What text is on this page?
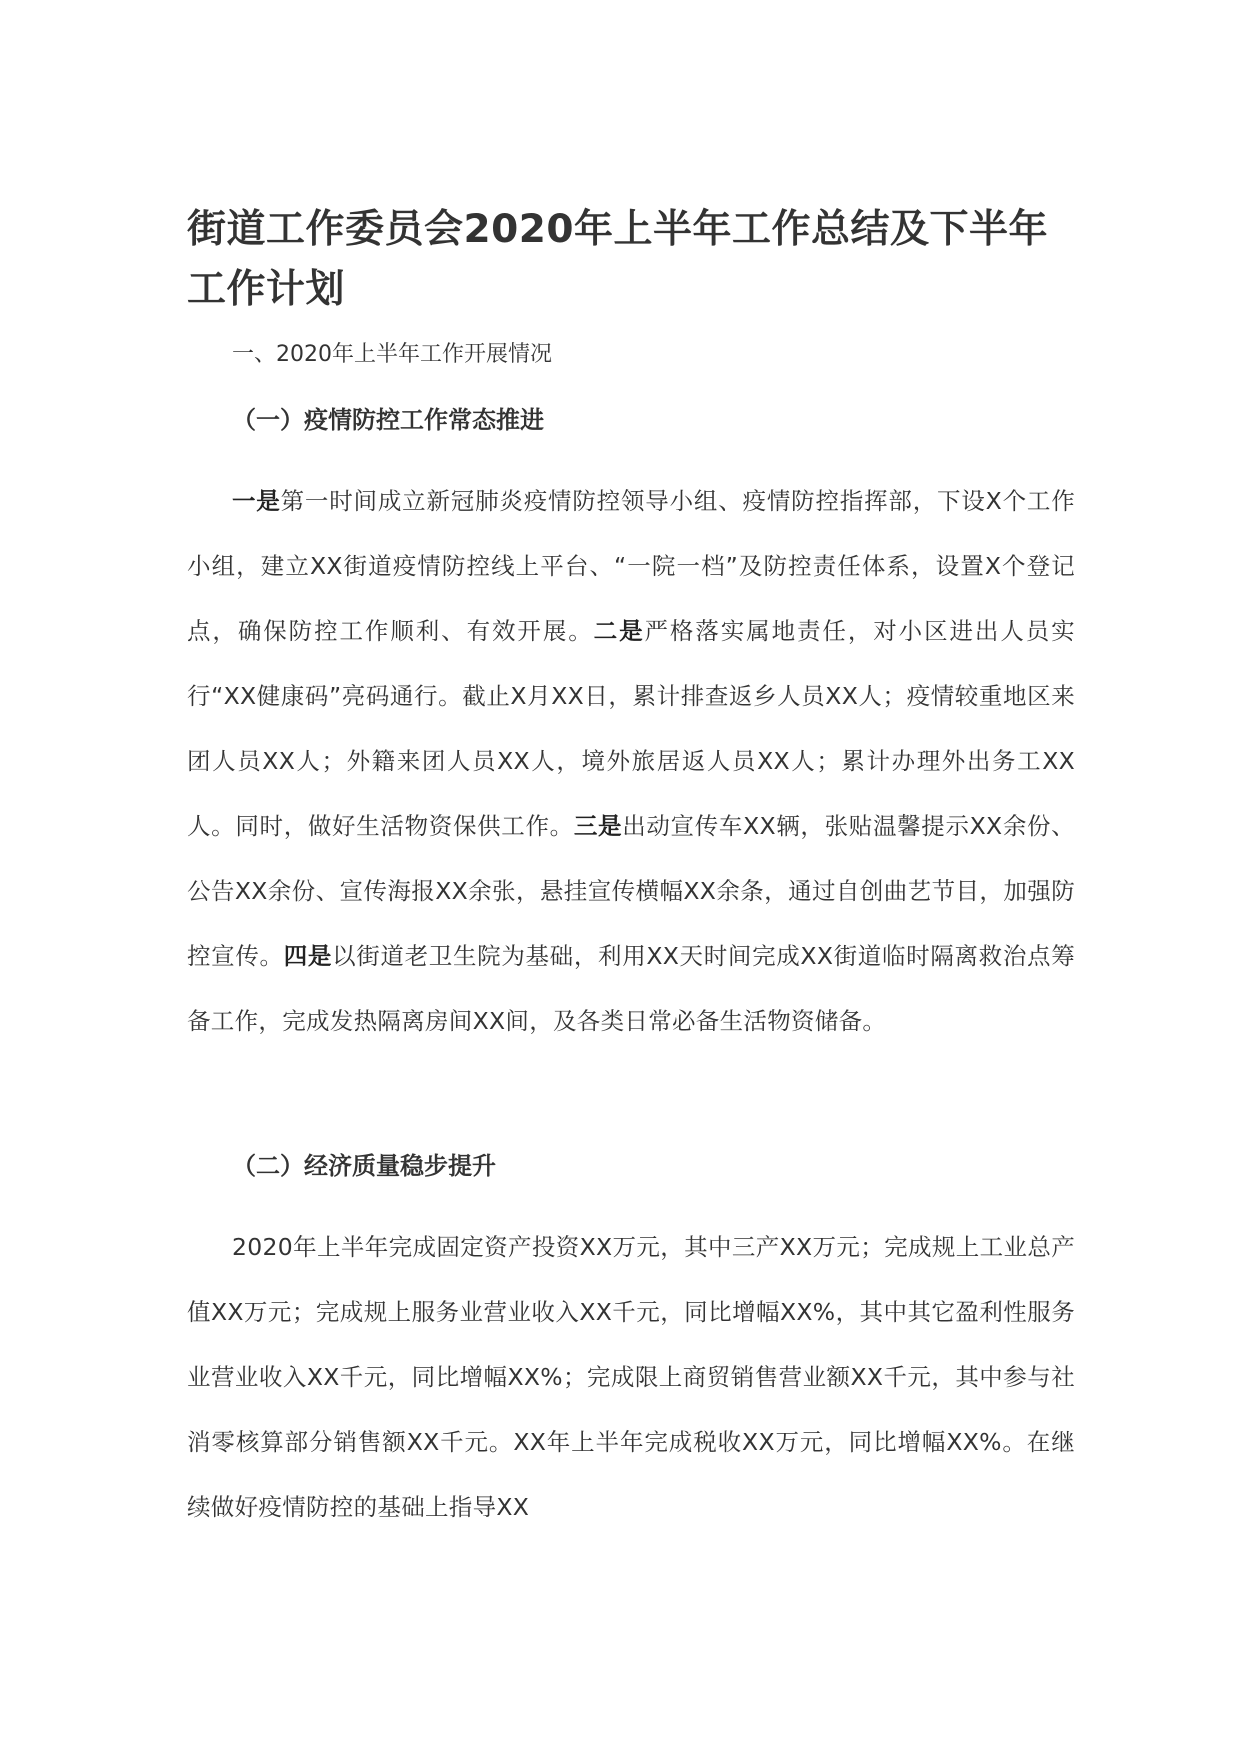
街道工作委员会2020年上半年工作总结及下半年工作计划

一、2020年上半年工作开展情况

（一）疫情防控工作常态推进

一是第一时间成立新冠肺炎疫情防控领导小组、疫情防控指挥部，下设X个工作小组，建立XX街道疫情防控线上平台、“一院一档”及防控责任体系，设置X个登记点，确保防控工作顺利、有效开展。二是严格落实属地责任，对小区进出人员实行“XX健康码”亮码通行。截止X月XX日，累计排查返乡人员XX人；疫情较重地区来团人员XX人；外籍来团人员XX人，境外旅居返人员XX人；累计办理外出务工XX人。同时，做好生活物资保供工作。三是出动宣传车XX辆，张贴温馨提示XX余份、公告XX余份、宣传海报XX余张，悬挂宣传横幅XX余条，通过自创曲艺节目，加强防控宣传。四是以街道老卫生院为基础，利用XX天时间完成XX街道临时隔离救治点筹备工作，完成发热隔离房间XX间，及各类日常必备生活物资储备。

（二）经济质量稳步提升

2020年上半年完成固定资产投资XX万元，其中三产XX万元；完成规上工业总产值XX万元；完成规上服务业营业收入XX千元，同比增幅XX%，其中其它盈利性服务业营业收入XX千元，同比增幅XX%；完成限上商贸销售营业额XX千元，其中参与社消零核算部分销售额XX千元。XX年上半年完成税收XX万元，同比增幅XX%。在继续做好疫情防控的基础上指导XX
